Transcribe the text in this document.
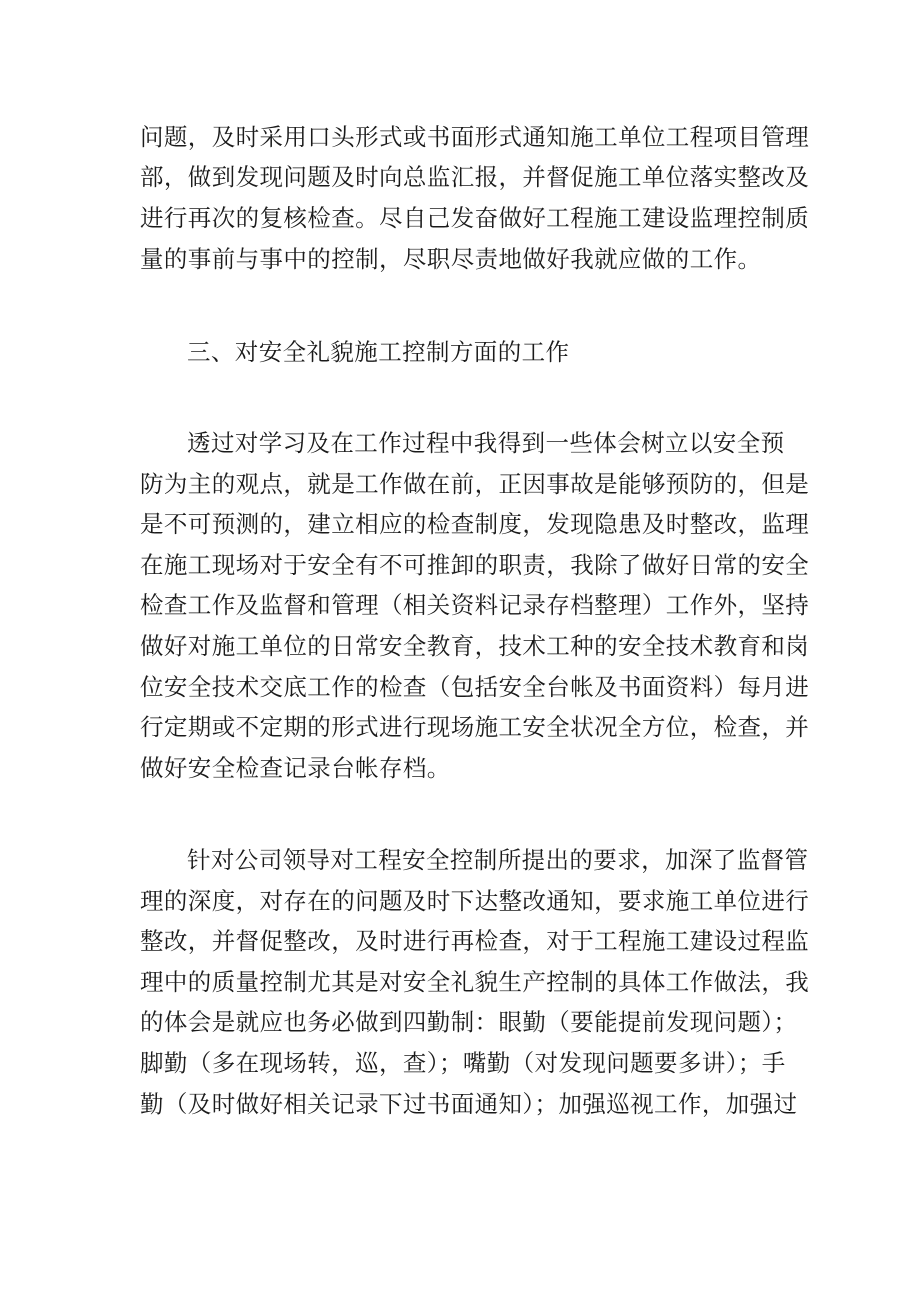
问题，及时采用口头形式或书面形式通知施工单位工程项目管理

部，做到发现问题及时向总监汇报，并督促施工单位落实整改及

进行再次的复核检查。尽自己发奋做好工程施工建设监理控制质

量的事前与事中的控制，尽职尽责地做好我就应做的工作。

三、对安全礼貌施工控制方面的工作

透过对学习及在工作过程中我得到一些体会树立以安全预

防为主的观点，就是工作做在前，正因事故是能够预防的，但是

是不可预测的，建立相应的检查制度，发现隐患及时整改，监理

在施工现场对于安全有不可推卸的职责，我除了做好日常的安全

检查工作及监督和管理（相关资料记录存档整理）工作外，坚持

做好对施工单位的日常安全教育，技术工种的安全技术教育和岗

位安全技术交底工作的检查（包括安全台帐及书面资料）每月进

行定期或不定期的形式进行现场施工安全状况全方位，检查，并

做好安全检查记录台帐存档。

针对公司领导对工程安全控制所提出的要求，加深了监督管

理的深度，对存在的问题及时下达整改通知，要求施工单位进行

整改，并督促整改，及时进行再检查，对于工程施工建设过程监

理中的质量控制尤其是对安全礼貌生产控制的具体工作做法，我

的体会是就应也务必做到四勤制：眼勤（要能提前发现问题）；

脚勤（多在现场转，巡，查）；嘴勤（对发现问题要多讲）；手

勤（及时做好相关记录下过书面通知）；加强巡视工作，加强过
